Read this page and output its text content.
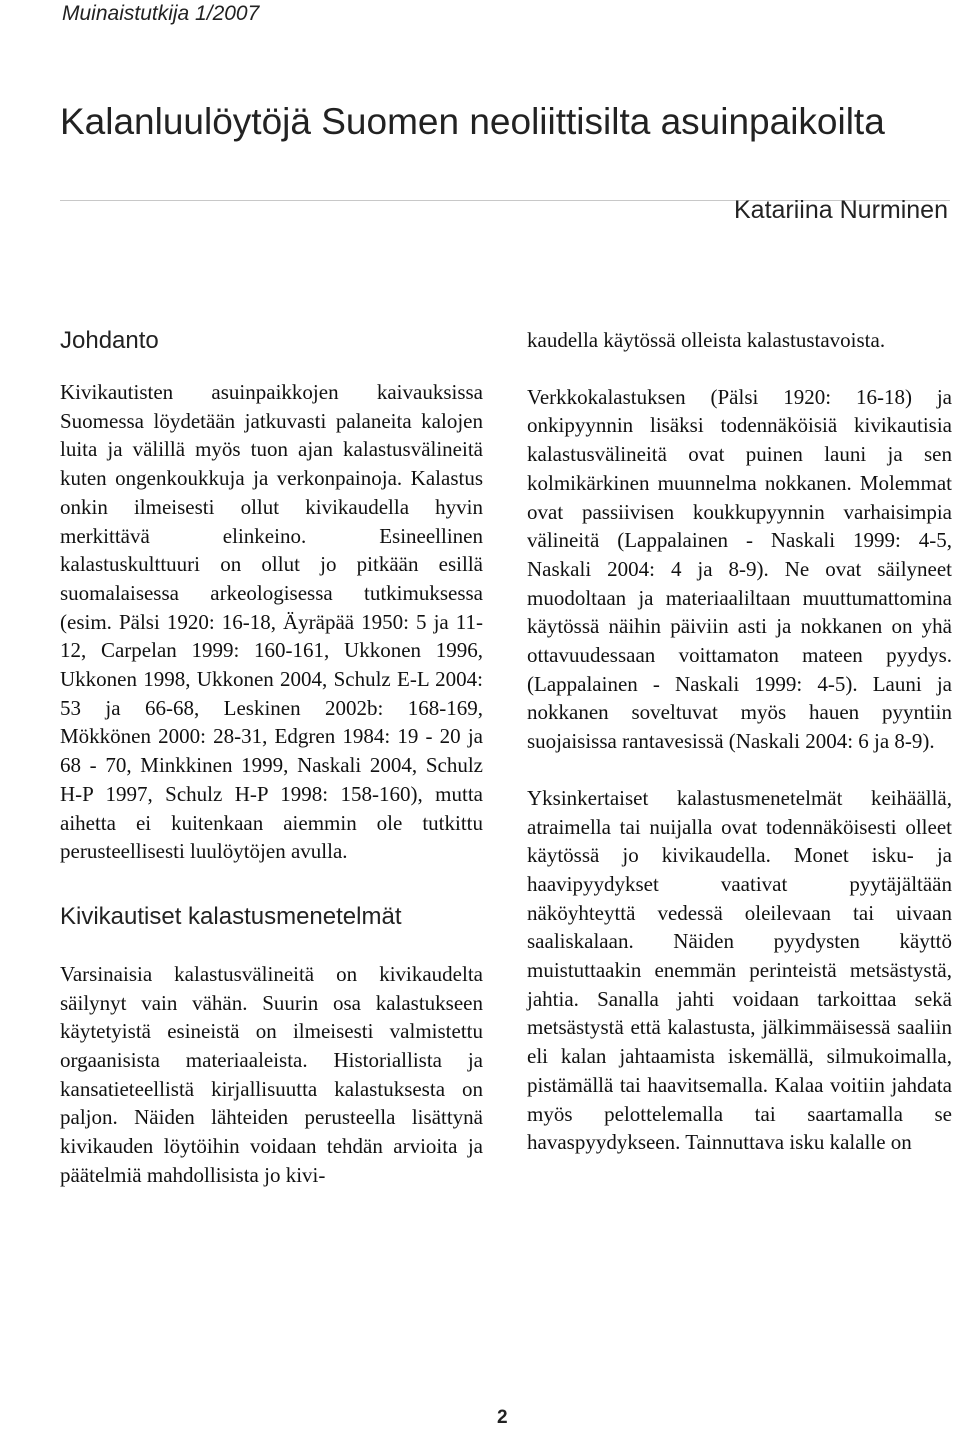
Muinaistutkija 1/2007
Kalanluulöytöjä Suomen neoliittisilta asuinpaikoilta
Katariina Nurminen
Johdanto

Kivikautisten asuinpaikkojen kaivauksissa Suomessa löydetään jatkuvasti palaneita kalojen luita ja välillä myös tuon ajan kalastusvälineitä kuten ongenkoukkuja ja verkonpainoja. Kalastus onkin ilmeisesti ollut kivikaudella hyvin merkittävä elinkeino. Esineellinen kalastuskulttuuri on ollut jo pitkään esillä suomalaisessa arkeologisessa tutkimuksessa (esim. Pälsi 1920: 16-18, Äyräpää 1950: 5 ja 11-12, Carpelan 1999: 160-161, Ukkonen 1996, Ukkonen 1998, Ukkonen 2004, Schulz E-L 2004: 53 ja 66-68, Leskinen 2002b: 168-169, Mökkönen 2000: 28-31, Edgren 1984: 19 - 20 ja 68 - 70, Minkkinen 1999, Naskali 2004, Schulz H-P 1997, Schulz H-P 1998: 158-160), mutta aihetta ei kuitenkaan aiemmin ole tutkittu perusteellisesti luulöytöjen avulla.

Kivikautiset kalastusmenetelmät

Varsinaisia kalastusvälineitä on kivikaudelta säilynyt vain vähän. Suurin osa kalastukseen käytetyistä esineistä on ilmeisesti valmistettu orgaanisista materiaaleista. Historiallista ja kansatieteellistä kirjallisuutta kalastuksesta on paljon. Näiden lähteiden perusteella lisättynä kivikauden löytöihin voidaan tehdän arvioita ja päätelmiä mahdollisista jo kivi-

kaudella käytössä olleista kalastustavoista.

Verkkokalastuksen (Pälsi 1920: 16-18) ja onkipyynnin lisäksi todennäköisiä kivikautisia kalastusvälineitä ovat puinen launi ja sen kolmikärkinen muunnelma nokkanen. Molemmat ovat passiivisen koukkupyynnin varhaisimpia välineitä (Lappalainen - Naskali 1999: 4-5, Naskali 2004: 4 ja 8-9). Ne ovat säilyneet muodoltaan ja materiaaliltaan muuttumattomina käytössä näihin päiviin asti ja nokkanen on yhä ottavuudessaan voittamaton mateen pyydys. (Lappalainen - Naskali 1999: 4-5). Launi ja nokkanen soveltuvat myös hauen pyyntiin suojaisissa rantavesissä (Naskali 2004: 6 ja 8-9).

Yksinkertaiset kalastusmenetelmät keihäällä, atraimella tai nuijalla ovat todennäköisesti olleet käytössä jo kivikaudella. Monet isku- ja haavipyydykset vaativat pyytäjältään näköyhteyttä vedessä oleilevaan tai uivaan saaliskalaan. Näiden pyydysten käyttö muistuttaakin enemmän perinteistä metsästystä, jahtia. Sanalla jahti voidaan tarkoittaa sekä metsästystä että kalastusta, jälkimmäisessä saaliin eli kalan jahtaamista iskemällä, silmukoimalla, pistämällä tai haavitsemalla. Kalaa voitiin jahdata myös pelottelemalla tai saartamalla se havaspyydykseen. Tainnuttava isku kalalle on

2
